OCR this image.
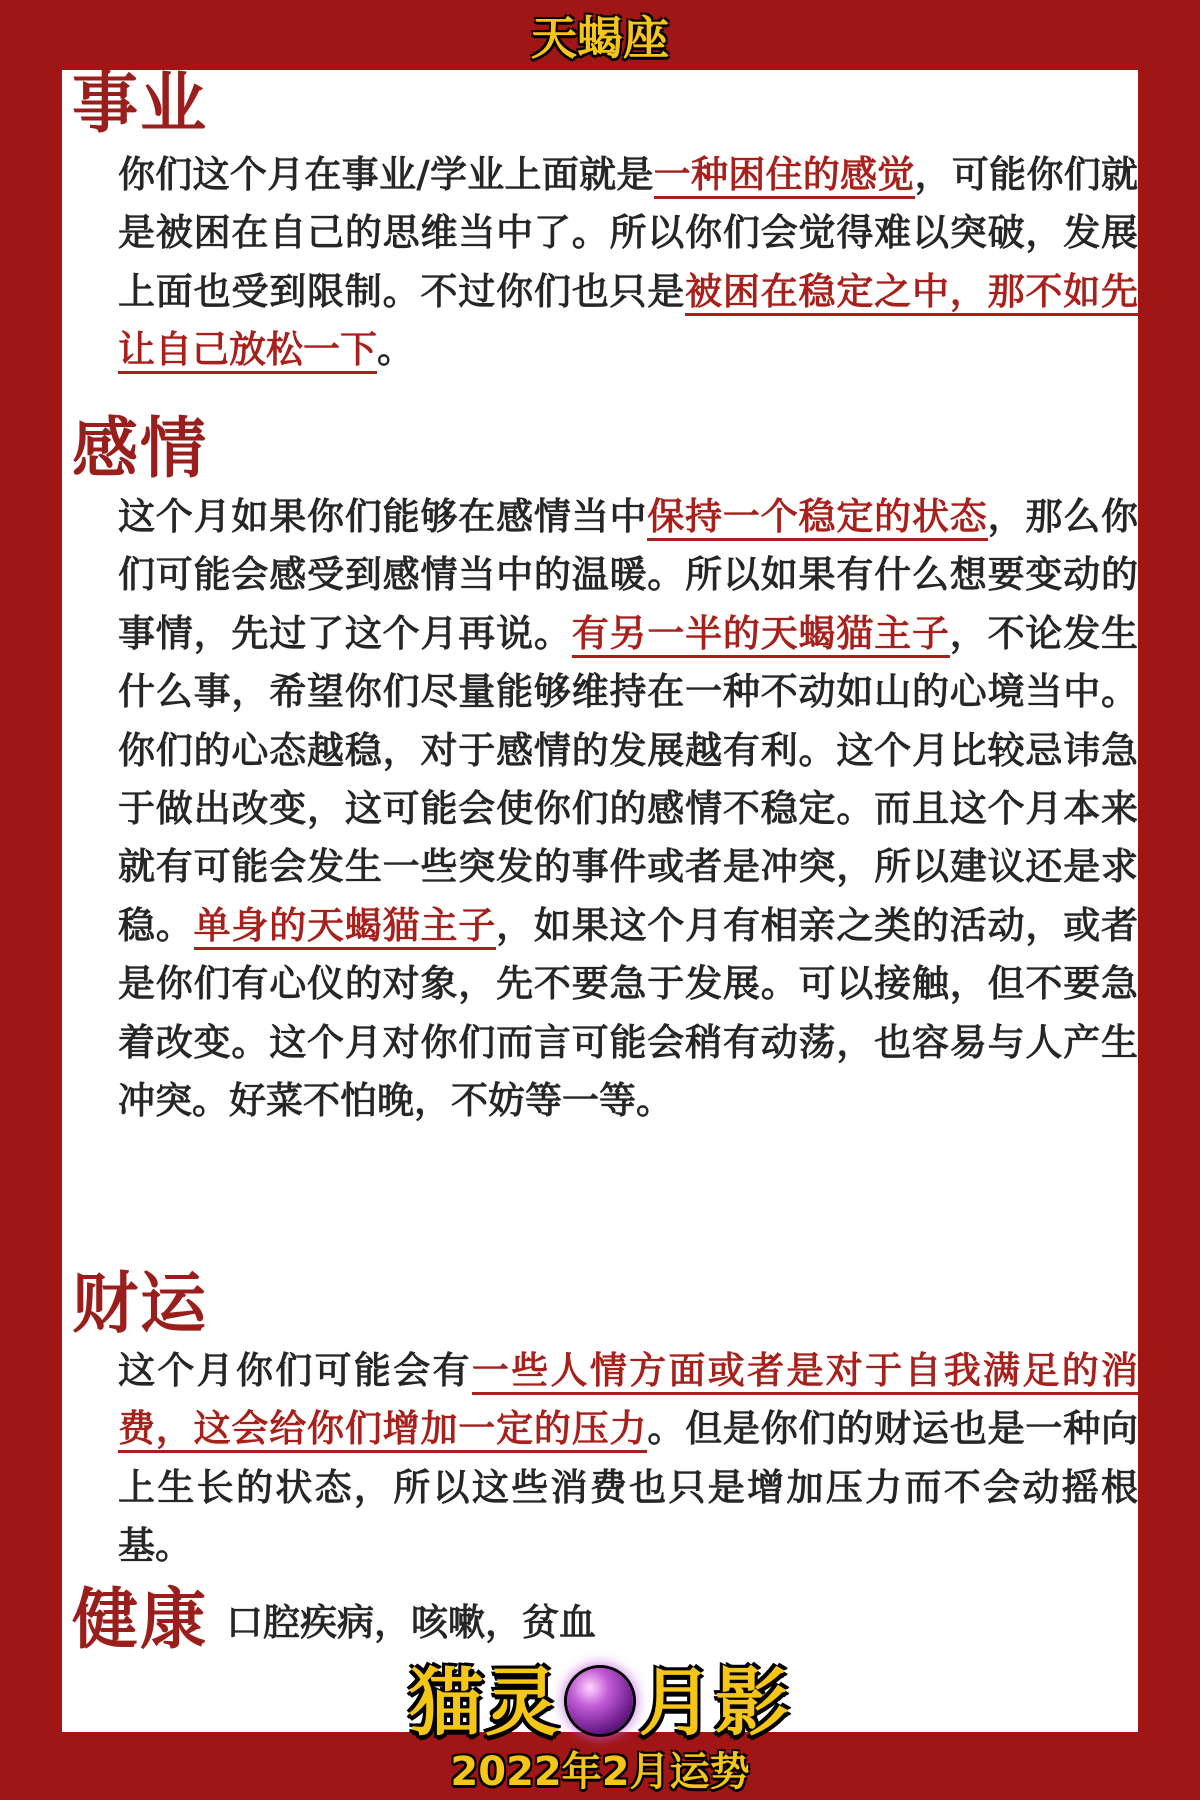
天蝎座
事业
你们这个月在事业/学业上面就是一种困住的感觉，可能你们就是被困在自己的思维当中了。所以你们会觉得难以突破，发展上面也受到限制。不过你们也只是被困在稳定之中，那不如先让自己放松一下。
感情
这个月如果你们能够在感情当中保持一个稳定的状态，那么你们可能会感受到感情当中的温暖。所以如果有什么想要变动的事情，先过了这个月再说。有另一半的天蝎猫主子，不论发生什么事，希望你们尽量能够维持在一种不动如山的心境当中。你们的心态越稳，对于感情的发展越有利。这个月比较忌讳急于做出改变，这可能会使你们的感情不稳定。而且这个月本来就有可能会发生一些突发的事件或者是冲突，所以建议还是求稳。单身的天蝎猫主子，如果这个月有相亲之类的活动，或者是你们有心仪的对象，先不要急于发展。可以接触，但不要急着改变。这个月对你们而言可能会稍有动荡，也容易与人产生冲突。好菜不怕晚，不妨等一等。
财运
这个月你们可能会有一些人情方面或者是对于自我满足的消费，这会给你们增加一定的压力。但是你们的财运也是一种向上生长的状态，所以这些消费也只是增加压力而不会动摇根基。
健康 口腔疾病，咳嗽，贫血
猫灵 月影
2022年2月运势
